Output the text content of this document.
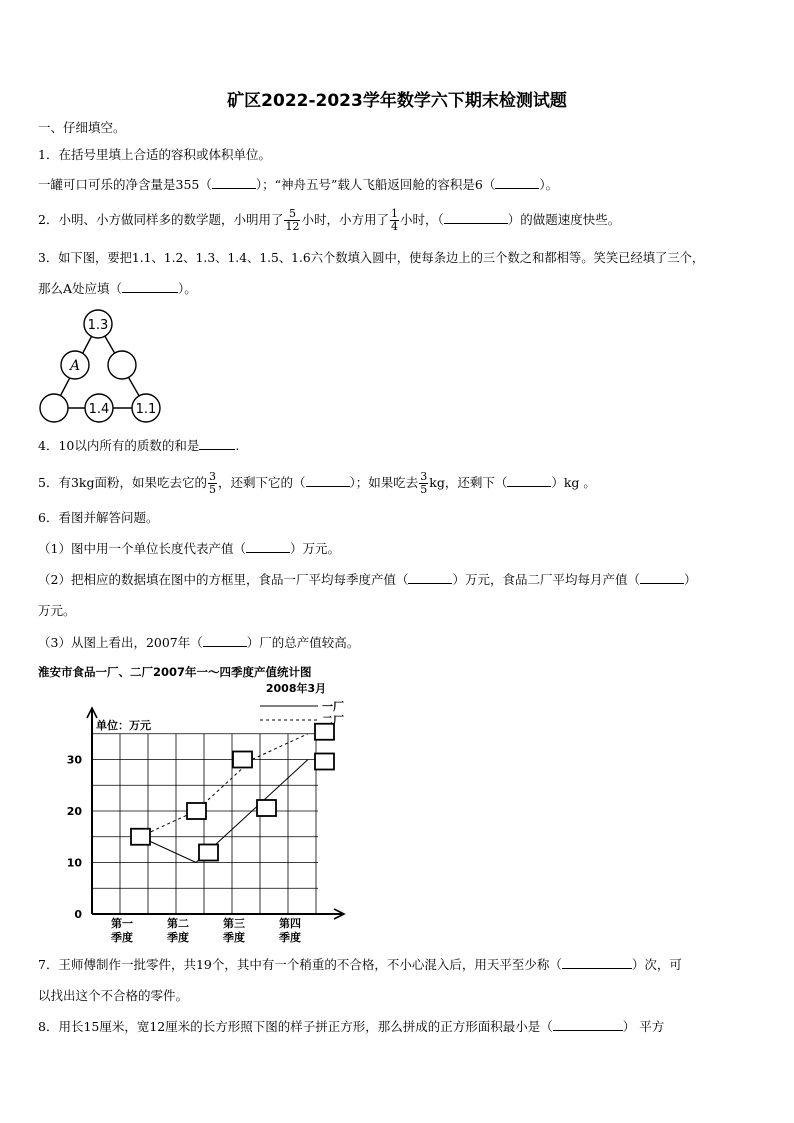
矿区2022-2023学年数学六下期末检测试题
一、仔细填空。
1．在括号里填上合适的容积或体积单位。
一罐可口可乐的净含量是355（	）；“神舟五号”载人飞船返回舱的容积是6（	）。
2．小明、小方做同样多的数学题，小明用了 $\frac{5}{12}$ 小时，小方用了 $\frac{1}{4}$ 小时，（	）的做题速度快些。
3．如下图，要把1.1、1.2、1.3、1.4、1.5、1.6六个数填入圆中，使每条边上的三个数之和都相等。笑笑已经填了三个，
那么A处应填（	）。
1.3
A
1.4 1.1
4．10以内所有的质数的和是	.
5．有3kg面粉，如果吃去它的 $\frac{3}{5}$ ，还剩下它的（	）；如果吃去 $\frac{3}{5}$ kg，还剩下（	）kg 。
6．看图并解答问题。
（1）图中用一个单位长度代表产值（	）万元。
（2）把相应的数据填在图中的方框里，食品一厂平均每季度产值（	）万元，食品二厂平均每月产值（	）
万元。
（3）从图上看出，2007年（	）厂的总产值较高。
淮安市食品一厂、二厂2007年一～四季度产值统计图
0
10
20
30
单位：万元
第一
季度
第二
季度
第三
季度
第四
季度
2008年3月
一厂
二厂
7．王师傅制作一批零件，共19个，其中有一个稍重的不合格，不小心混入后，用天平至少称（	）次，可
以找出这个不合格的零件。
8．用长15厘米，宽12厘米的长方形照下图的样子拼正方形，那么拼成的正方形面积最小是（	） 平方
